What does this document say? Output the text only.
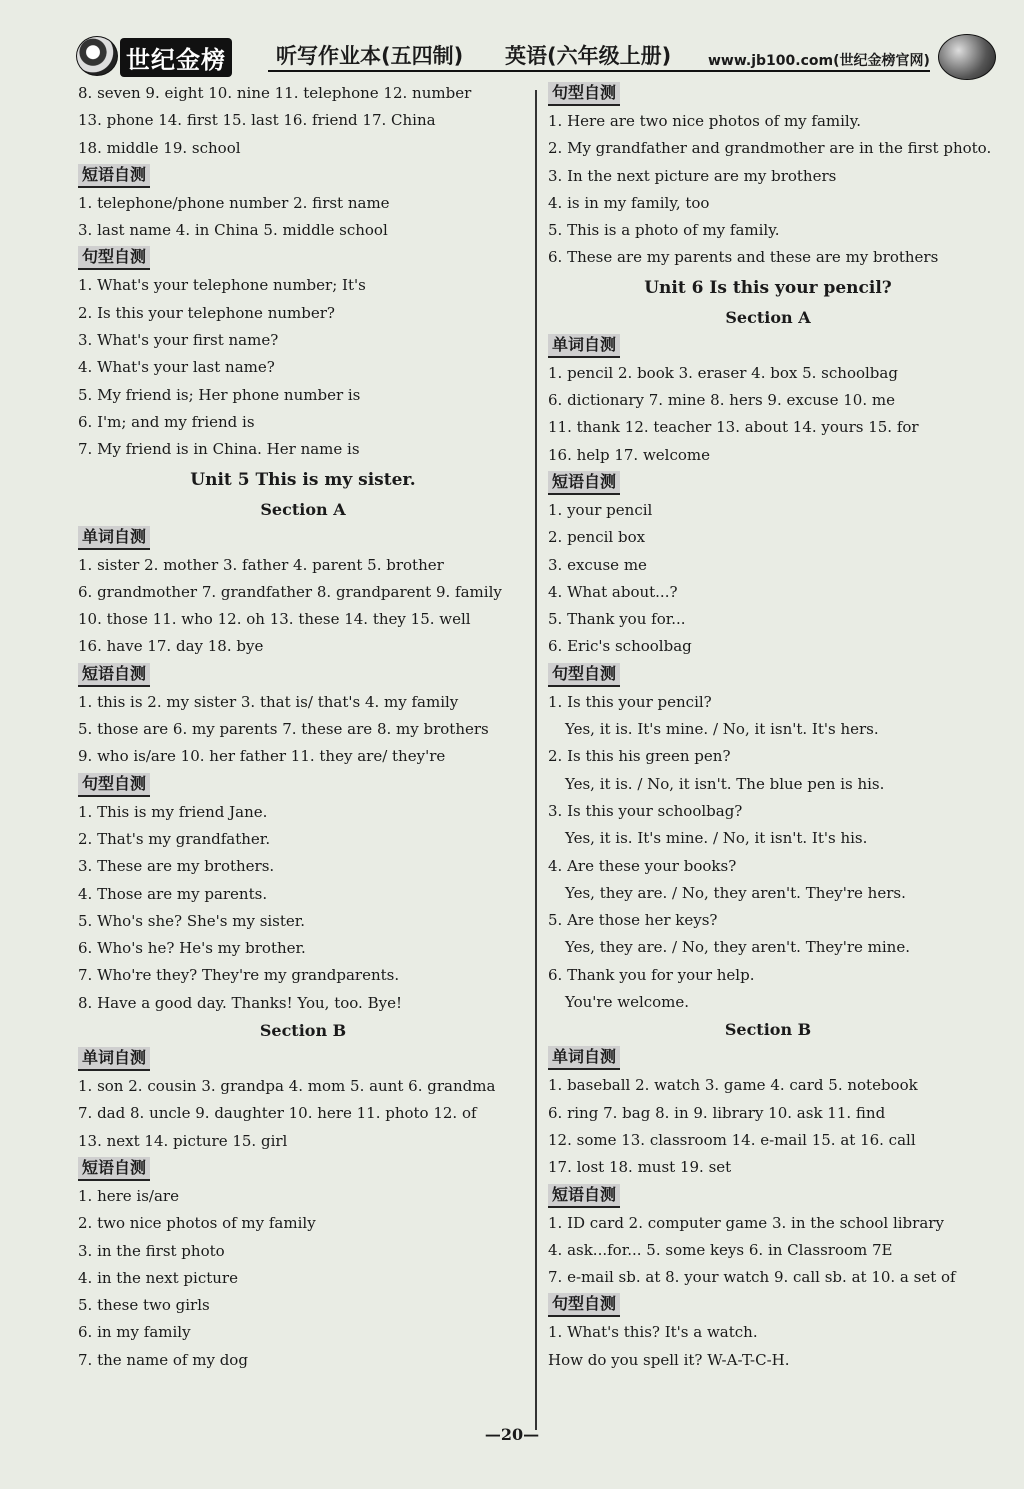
世纪金榜 听写作业本(五四制) 英语(六年级上册)	www.jb100.com(世纪金榜官网)
8. seven 9. eight 10. nine 11. telephone 12. number
13. phone 14. first 15. last 16. friend 17. China
18. middle 19. school
短语自测
1. telephone/phone number 2. first name
3. last name 4. in China 5. middle school
句型自测
1. What's your telephone number; It's
2. Is this your telephone number?
3. What's your first name?
4. What's your last name?
5. My friend is; Her phone number is
6. I'm; and my friend is
7. My friend is in China. Her name is
Unit 5 This is my sister.
Section A
单词自测
1. sister 2. mother 3. father 4. parent 5. brother
6. grandmother 7. grandfather 8. grandparent 9. family
10. those 11. who 12. oh 13. these 14. they 15. well
16. have 17. day 18. bye
短语自测
1. this is 2. my sister 3. that is/ that's 4. my family
5. those are 6. my parents 7. these are 8. my brothers
9. who is/are 10. her father 11. they are/ they're
句型自测
1. This is my friend Jane.
2. That's my grandfather.
3. These are my brothers.
4. Those are my parents.
5. Who's she? She's my sister.
6. Who's he? He's my brother.
7. Who're they? They're my grandparents.
8. Have a good day. Thanks! You, too. Bye!
Section B
单词自测
1. son 2. cousin 3. grandpa 4. mom 5. aunt 6. grandma
7. dad 8. uncle 9. daughter 10. here 11. photo 12. of
13. next 14. picture 15. girl
短语自测
1. here is/are
2. two nice photos of my family
3. in the first photo
4. in the next picture
5. these two girls
6. in my family
7. the name of my dog
句型自测
1. Here are two nice photos of my family.
2. My grandfather and grandmother are in the first photo.
3. In the next picture are my brothers
4. is in my family, too
5. This is a photo of my family.
6. These are my parents and these are my brothers
Unit 6 Is this your pencil?
Section A
单词自测
1. pencil 2. book 3. eraser 4. box 5. schoolbag
6. dictionary 7. mine 8. hers 9. excuse 10. me
11. thank 12. teacher 13. about 14. yours 15. for
16. help 17. welcome
短语自测
1. your pencil
2. pencil box
3. excuse me
4. What about...?
5. Thank you for...
6. Eric's schoolbag
句型自测
1. Is this your pencil?
Yes, it is. It's mine. / No, it isn't. It's hers.
2. Is this his green pen?
Yes, it is. / No, it isn't. The blue pen is his.
3. Is this your schoolbag?
Yes, it is. It's mine. / No, it isn't. It's his.
4. Are these your books?
Yes, they are. / No, they aren't. They're hers.
5. Are those her keys?
Yes, they are. / No, they aren't. They're mine.
6. Thank you for your help.
You're welcome.
Section B
单词自测
1. baseball 2. watch 3. game 4. card 5. notebook
6. ring 7. bag 8. in 9. library 10. ask 11. find
12. some 13. classroom 14. e-mail 15. at 16. call
17. lost 18. must 19. set
短语自测
1. ID card 2. computer game 3. in the school library
4. ask...for... 5. some keys 6. in Classroom 7E
7. e-mail sb. at 8. your watch 9. call sb. at 10. a set of
句型自测
1. What's this? It's a watch.
How do you spell it? W-A-T-C-H.
—20—
